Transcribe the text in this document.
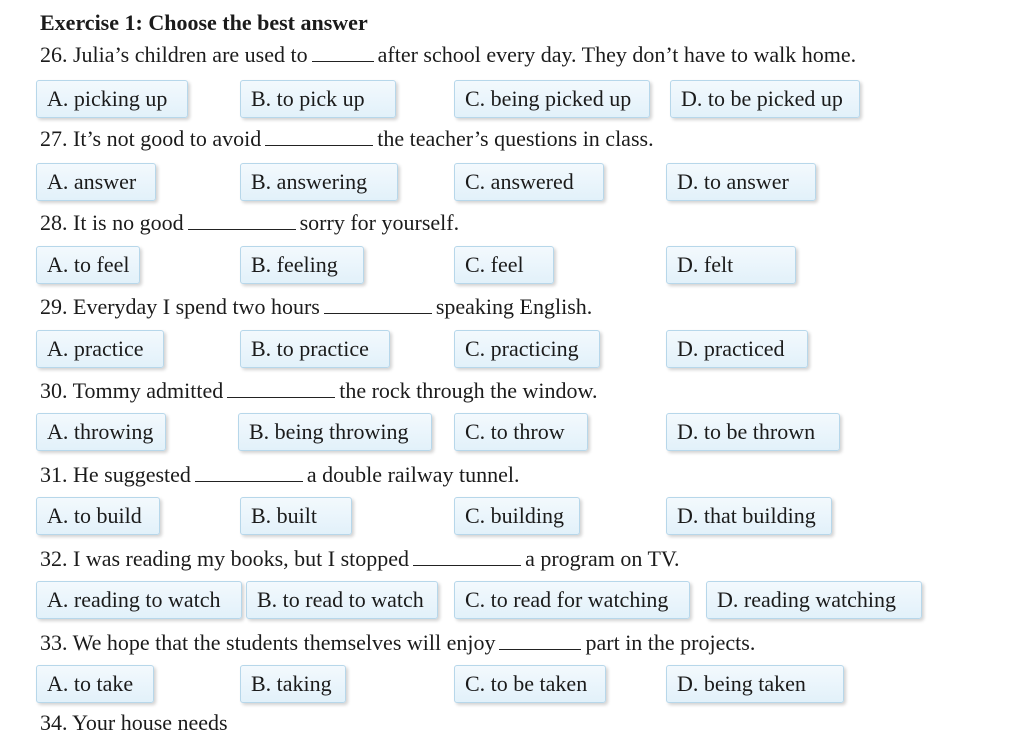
Exercise 1: Choose the best answer
26. Julia’s children are used to	after school every day. They don’t have to walk home.
A. picking up	B. to pick up	C. being picked up	D. to be picked up
27. It’s not good to avoid	the teacher’s questions in class.
A. answer	B. answering	C. answered	D. to answer
28. It is no good	sorry for yourself.
A. to feel	B. feeling	C. feel	D. felt
29. Everyday I spend two hours	speaking English.
A. practice	B. to practice	C. practicing	D. practiced
30. Tommy admitted	the rock through the window.
A. throwing	B. being throwing	C. to throw	D. to be thrown
31. He suggested	a double railway tunnel.
A. to build	B. built	C. building	D. that building
32. I was reading my books, but I stopped	a program on TV.
A. reading to watch	B. to read to watch	C. to read for watching	D. reading watching
33. We hope that the students themselves will enjoy	part in the projects.
A. to take	B. taking	C. to be taken	D. being taken
34. Your house needs
